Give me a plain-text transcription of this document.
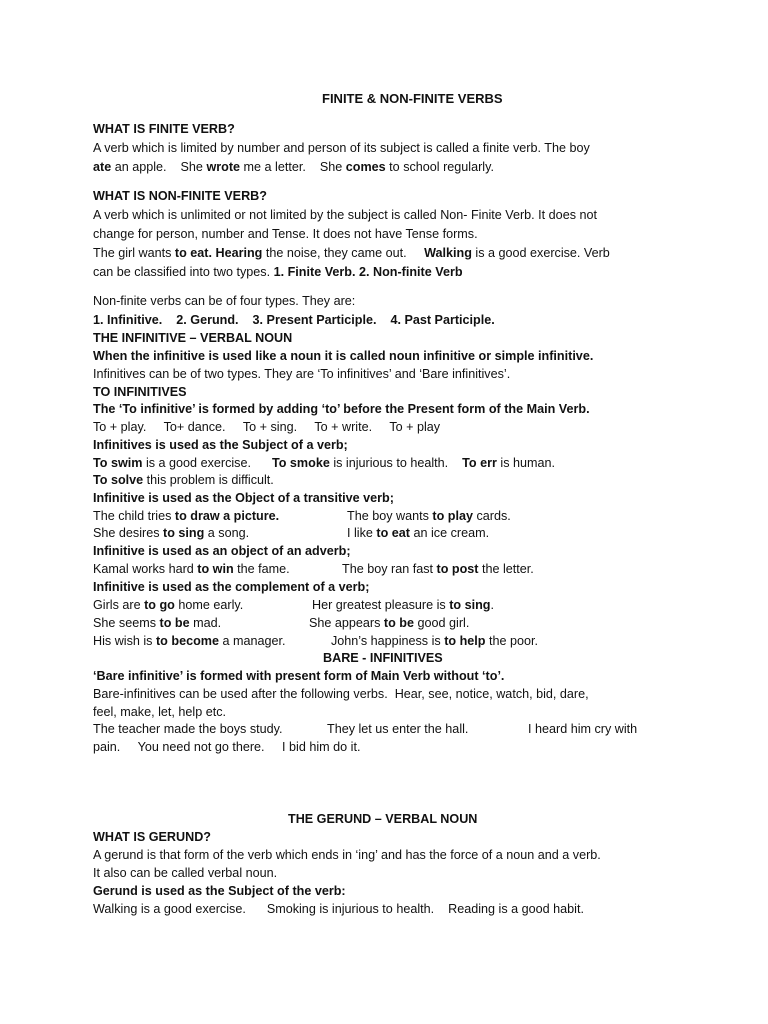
FINITE & NON-FINITE VERBS
WHAT IS FINITE VERB?
A verb which is limited by number and person of its subject is called a finite verb. The boy
ate an apple. She wrote me a letter. She comes to school regularly.
WHAT IS NON-FINITE VERB?
A verb which is unlimited or not limited by the subject is called Non- Finite Verb. It does not
change for person, number and Tense. It does not have Tense forms.
The girl wants to eat. Hearing the noise, they came out. Walking is a good exercise. Verb
can be classified into two types. 1. Finite Verb. 2. Non-finite Verb
Non-finite verbs can be of four types. They are:
1. Infinitive.    2. Gerund.    3. Present Participle.    4. Past Participle.
THE INFINITIVE – VERBAL NOUN
When the infinitive is used like a noun it is called noun infinitive or simple infinitive.
Infinitives can be of two types. They are ‘To infinitives’ and ‘Bare infinitives’.
TO INFINITIVES
The ‘To infinitive’ is formed by adding ‘to’ before the Present form of the Main Verb.
To + play.     To+ dance.     To + sing.     To + write.     To + play
Infinitives is used as the Subject of a verb;
To swim is a good exercise. To smoke is injurious to health. To err is human.
To solve this problem is difficult.
Infinitive is used as the Object of a transitive verb;
The child tries to draw a picture.	The boy wants to play cards.
She desires to sing a song.	I like to eat an ice cream.
Infinitive is used as an object of an adverb;
Kamal works hard to win the fame.	The boy ran fast to post the letter.
Infinitive is used as the complement of a verb;
Girls are to go home early.	Her greatest pleasure is to sing.
She seems to be mad.	She appears to be good girl.
His wish is to become a manager.	John’s happiness is to help the poor.
BARE - INFINITIVES
‘Bare infinitive’ is formed with present form of Main Verb without ‘to’.
Bare-infinitives can be used after the following verbs.  Hear, see, notice, watch, bid, dare,
feel, make, let, help etc.
The teacher made the boys study.	They let us enter the hall.	I heard him cry with
pain.     You need not go there.     I bid him do it.
THE GERUND – VERBAL NOUN
WHAT IS GERUND?
A gerund is that form of the verb which ends in ‘ing’ and has the force of a noun and a verb.
It also can be called verbal noun.
Gerund is used as the Subject of the verb:
Walking is a good exercise.      Smoking is injurious to health.    Reading is a good habit.
